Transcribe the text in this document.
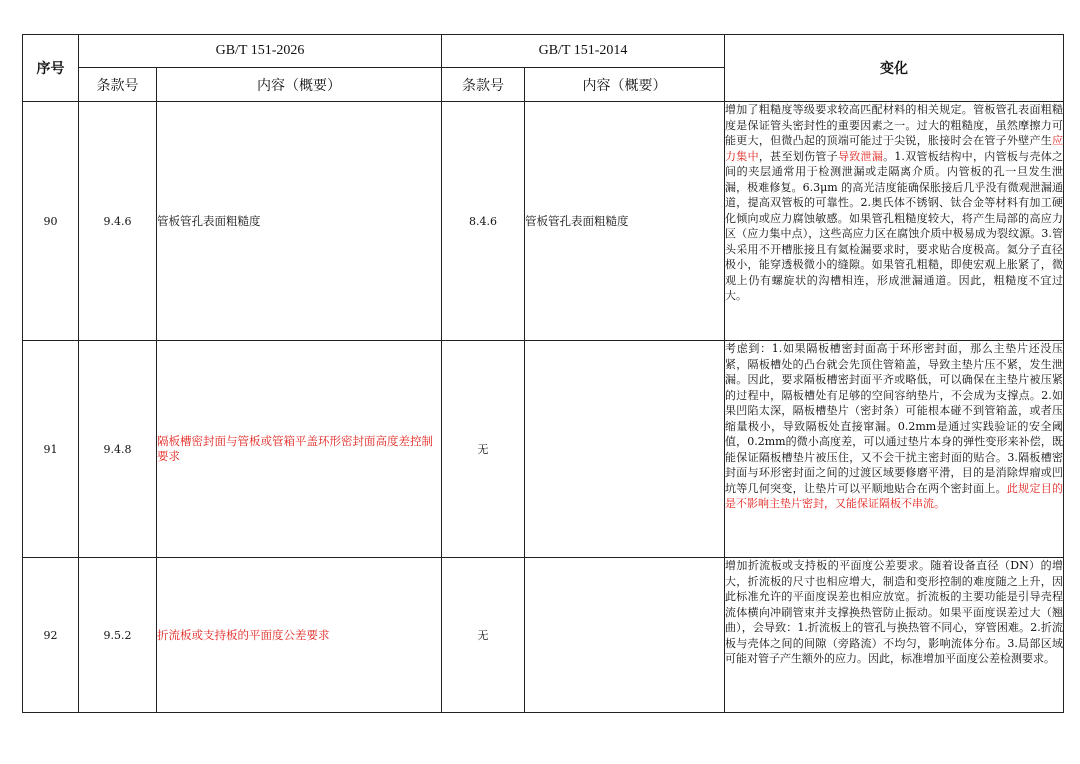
序号	GB/T 151-2026		GB/T 151-2014		变化
	条款号	内容（概要）	条款号	内容（概要）	
90	9.4.6	管板管孔表面粗糙度	8.4.6	管板管孔表面粗糙度	增加了粗糙度等级要求较高匹配材料的相关规定。管板管孔表面粗糙度是保证管头密封性的重要因素之一。过大的粗糙度，虽然摩擦力可能更大，但微凸起的顶端可能过于尖锐，胀接时会在管子外壁产生应力集中，甚至划伤管子导致泄漏。1.双管板结构中，内管板与壳体之间的夹层通常用于检测泄漏或走隔离介质。内管板的孔一旦发生泄漏，极难修复。6.3μm 的高光洁度能确保胀接后几乎没有微观泄漏通道，提高双管板的可靠性。2.奥氏体不锈钢、钛合金等材料有加工硬化倾向或应力腐蚀敏感。如果管孔粗糙度较大，将产生局部的高应力区（应力集中点），这些高应力区在腐蚀介质中极易成为裂纹源。3.管头采用不开槽胀接且有氦检漏要求时，要求贴合度极高。氦分子直径极小，能穿透极微小的缝隙。如果管孔粗糙，即使宏观上胀紧了，微观上仍有螺旋状的沟槽相连，形成泄漏通道。因此，粗糙度不宜过大。
91	9.4.8	隔板槽密封面与管板或管箱平盖环形密封面高度差控制要求	无		考虑到：1.如果隔板槽密封面高于环形密封面，那么主垫片还没压紧，隔板槽处的凸台就会先顶住管箱盖，导致主垫片压不紧，发生泄漏。因此，要求隔板槽密封面平齐或略低，可以确保在主垫片被压紧的过程中，隔板槽处有足够的空间容纳垫片，不会成为支撑点。2.如果凹陷太深，隔板槽垫片（密封条）可能根本碰不到管箱盖，或者压缩量极小，导致隔板处直接窜漏。0.2mm是通过实践验证的安全阈值，0.2mm的微小高度差，可以通过垫片本身的弹性变形来补偿，既能保证隔板槽垫片被压住，又不会干扰主密封面的贴合。3.隔板槽密封面与环形密封面之间的过渡区域要修磨平滑，目的是消除焊瘤或凹坑等几何突变，让垫片可以平顺地贴合在两个密封面上。此规定目的是不影响主垫片密封，又能保证隔板不串流。
92	9.5.2	折流板或支持板的平面度公差要求	无		增加折流板或支持板的平面度公差要求。随着设备直径（DN）的增大，折流板的尺寸也相应增大，制造和变形控制的难度随之上升，因此标准允许的平面度误差也相应放宽。折流板的主要功能是引导壳程流体横向冲刷管束并支撑换热管防止振动。如果平面度误差过大（翘曲），会导致：1.折流板上的管孔与换热管不同心，穿管困难。2.折流板与壳体之间的间隙（旁路流）不均匀，影响流体分布。3.局部区域可能对管子产生额外的应力。因此，标准增加平面度公差检测要求。
